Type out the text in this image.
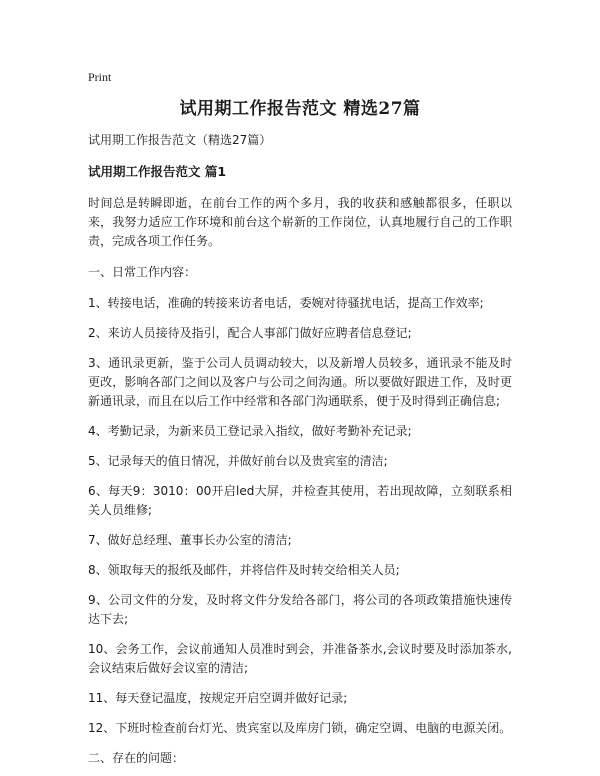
Print
试用期工作报告范文 精选27篇
试用期工作报告范文（精选27篇）
试用期工作报告范文 篇1

时间总是转瞬即逝，在前台工作的两个多月，我的收获和感触都很多，任职以来，我努力适应工作环境和前台这个崭新的工作岗位，认真地履行自己的工作职责，完成各项工作任务。

一、日常工作内容：

1、转接电话，准确的转接来访者电话，委婉对待骚扰电话，提高工作效率;

2、来访人员接待及指引，配合人事部门做好应聘者信息登记;

3、通讯录更新，鉴于公司人员调动较大，以及新增人员较多，通讯录不能及时更改，影响各部门之间以及客户与公司之间沟通。所以要做好跟进工作，及时更新通讯录，而且在以后工作中经常和各部门沟通联系，便于及时得到正确信息;

4、考勤记录，为新来员工登记录入指纹，做好考勤补充记录;

5、记录每天的值日情况，并做好前台以及贵宾室的清洁;

6、每天9：3010：00开启led大屏，并检查其使用，若出现故障，立刻联系相关人员维修;

7、做好总经理、董事长办公室的清洁;

8、领取每天的报纸及邮件，并将信件及时转交给相关人员;

9、公司文件的分发，及时将文件分发给各部门，将公司的各项政策措施快速传达下去;

10、会务工作，会议前通知人员准时到会，并准备茶水,会议时要及时添加茶水,会议结束后做好会议室的清洁;

11、每天登记温度，按规定开启空调并做好记录;

12、下班时检查前台灯光、贵宾室以及库房门锁，确定空调、电脑的电源关闭。

二、存在的问题：
